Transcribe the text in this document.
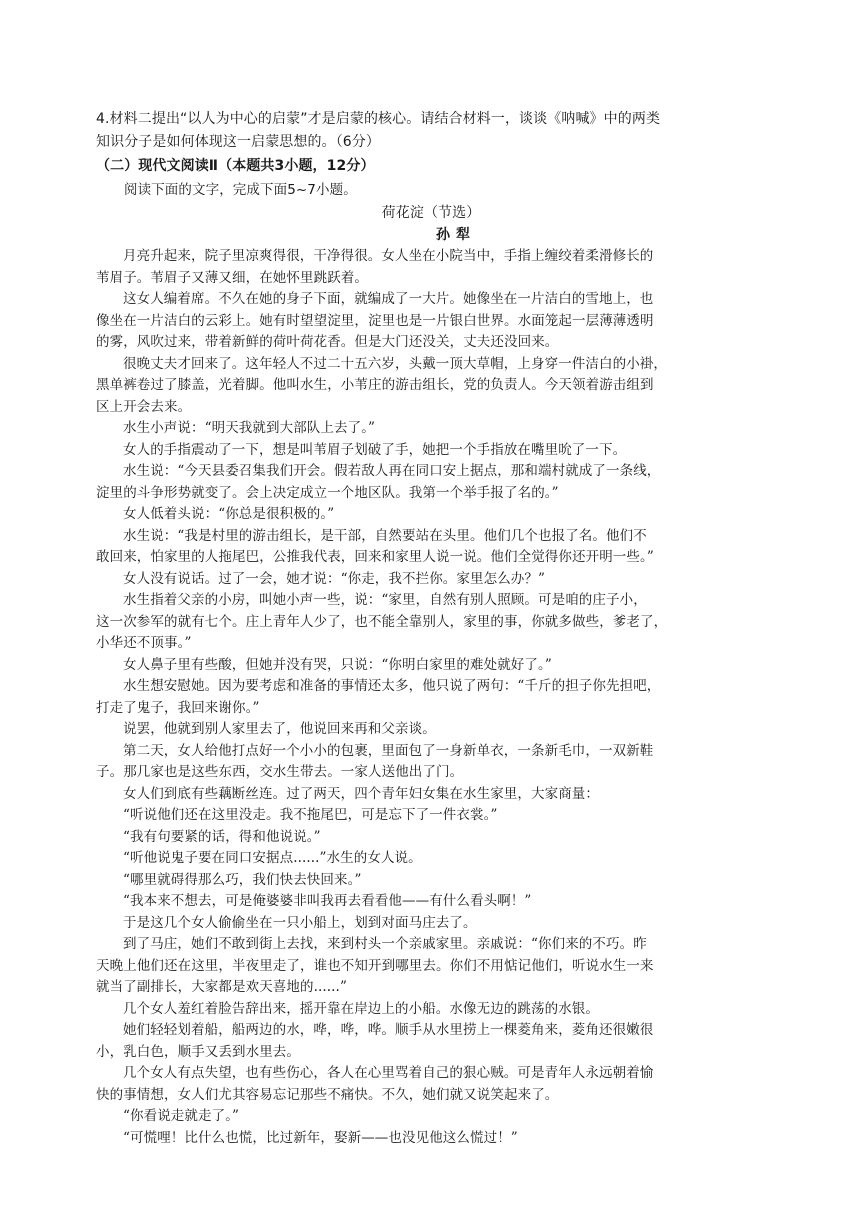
4.材料二提出“以人为中心的启蒙”才是启蒙的核心。请结合材料一，谈谈《呐喊》中的两类
知识分子是如何体现这一启蒙思想的。（6分）
（二）现代文阅读Ⅱ（本题共3小题，12分）
阅读下面的文字，完成下面5~7小题。
荷花淀（节选）
孙犁
月亮升起来，院子里凉爽得很，干净得很。女人坐在小院当中，手指上缠绞着柔滑修长的
苇眉子。苇眉子又薄又细，在她怀里跳跃着。
这女人编着席。不久在她的身子下面，就编成了一大片。她像坐在一片洁白的雪地上，也
像坐在一片洁白的云彩上。她有时望望淀里，淀里也是一片银白世界。水面笼起一层薄薄透明
的雾，风吹过来，带着新鲜的荷叶荷花香。但是大门还没关，丈夫还没回来。
很晚丈夫才回来了。这年轻人不过二十五六岁，头戴一顶大草帽，上身穿一件洁白的小褂，
黑单裤卷过了膝盖，光着脚。他叫水生，小苇庄的游击组长，党的负责人。今天领着游击组到
区上开会去来。
水生小声说：“明天我就到大部队上去了。”
女人的手指震动了一下，想是叫苇眉子划破了手，她把一个手指放在嘴里吮了一下。
水生说：“今天县委召集我们开会。假若敌人再在同口安上据点，那和端村就成了一条线，
淀里的斗争形势就变了。会上决定成立一个地区队。我第一个举手报了名的。”
女人低着头说：“你总是很积极的。”
水生说：“我是村里的游击组长，是干部，自然要站在头里。他们几个也报了名。他们不
敢回来，怕家里的人拖尾巴，公推我代表，回来和家里人说一说。他们全觉得你还开明一些。”
女人没有说话。过了一会，她才说：“你走，我不拦你。家里怎么办？”
水生指着父亲的小房，叫她小声一些，说：“家里，自然有别人照顾。可是咱的庄子小，
这一次参军的就有七个。庄上青年人少了，也不能全靠别人，家里的事，你就多做些，爹老了，
小华还不顶事。”
女人鼻子里有些酸，但她并没有哭，只说：“你明白家里的难处就好了。”
水生想安慰她。因为要考虑和准备的事情还太多，他只说了两句：“千斤的担子你先担吧，
打走了鬼子，我回来谢你。”
说罢，他就到别人家里去了，他说回来再和父亲谈。
第二天，女人给他打点好一个小小的包裹，里面包了一身新单衣，一条新毛巾，一双新鞋
子。那几家也是这些东西，交水生带去。一家人送他出了门。
女人们到底有些藕断丝连。过了两天，四个青年妇女集在水生家里，大家商量：
“听说他们还在这里没走。我不拖尾巴，可是忘下了一件衣裳。”
“我有句要紧的话，得和他说说。”
“听他说鬼子要在同口安据点......”水生的女人说。
“哪里就碍得那么巧，我们快去快回来。”
“我本来不想去，可是俺婆婆非叫我再去看看他——有什么看头啊！”
于是这几个女人偷偷坐在一只小船上，划到对面马庄去了。
到了马庄，她们不敢到街上去找，来到村头一个亲戚家里。亲戚说：“你们来的不巧。昨
天晚上他们还在这里，半夜里走了，谁也不知开到哪里去。你们不用惦记他们，听说水生一来
就当了副排长，大家都是欢天喜地的......”
几个女人羞红着脸告辞出来，摇开靠在岸边上的小船。水像无边的跳荡的水银。
她们轻轻划着船，船两边的水，哗，哗，哗。顺手从水里捞上一棵菱角来，菱角还很嫩很
小，乳白色，顺手又丢到水里去。
几个女人有点失望，也有些伤心，各人在心里骂着自己的狠心贼。可是青年人永远朝着愉
快的事情想，女人们尤其容易忘记那些不痛快。不久，她们就又说笑起来了。
“你看说走就走了。”
“可慌哩！比什么也慌，比过新年，娶新——也没见他这么慌过！”
